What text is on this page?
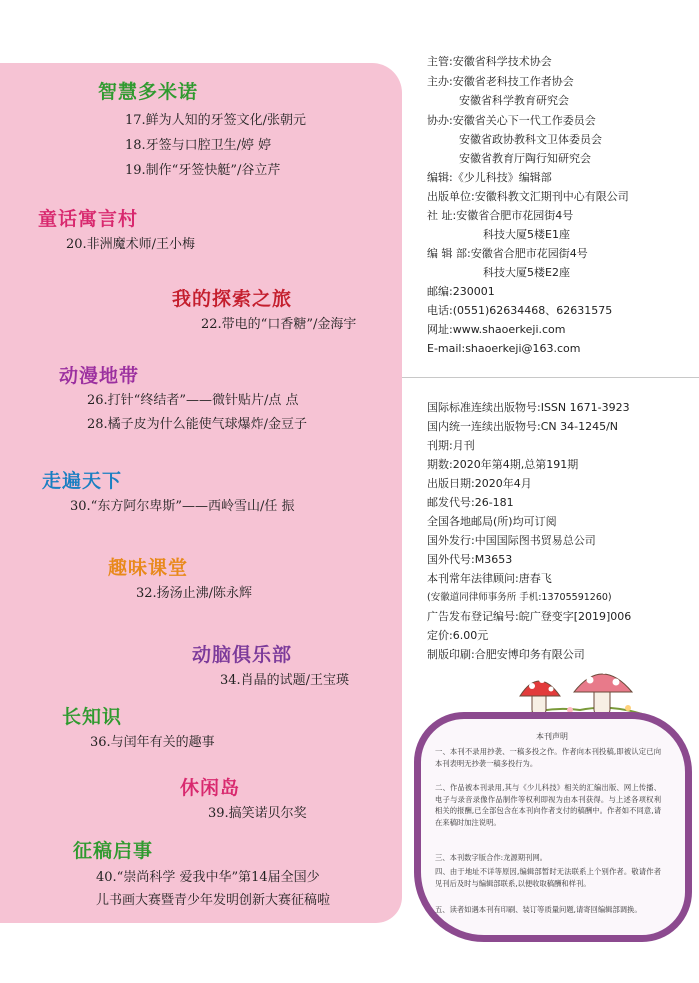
智慧多米诺
17.鲜为人知的牙签文化/张朝元
18.牙签与口腔卫生/婷 婷
19.制作“牙签快艇”/谷立芹
童话寓言村
20.非洲魔术师/王小梅
我的探索之旅
22.带电的“口香糖”/金海宇
动漫地带
26.打针“终结者”——微针贴片/点 点
28.橘子皮为什么能使气球爆炸/金豆子
走遍天下
30.“东方阿尔卑斯”——西岭雪山/任 振
趣味课堂
32.扬汤止沸/陈永辉
动脑俱乐部
34.肖晶的试题/王宝瑛
长知识
36.与闰年有关的趣事
休闲岛
39.搞笑诺贝尔奖
征稿启事
40.“崇尚科学 爱我中华”第14届全国少
儿书画大赛暨青少年发明创新大赛征稿啦
主管:安徽省科学技术协会
主办:安徽省老科技工作者协会
安徽省科学教育研究会
协办:安徽省关心下一代工作委员会
安徽省政协教科文卫体委员会
安徽省教育厅陶行知研究会
编辑:《少儿科技》编辑部
出版单位:安徽科教文汇期刊中心有限公司
社 址:安徽省合肥市花园街4号
科技大厦5楼E1座
编 辑 部:安徽省合肥市花园街4号
科技大厦5楼E2座
邮编:230001
电话:(0551)62634468、62631575
网址:www.shaoerkeji.com
E-mail:shaoerkeji@163.com
国际标准连续出版物号:ISSN 1671-3923
国内统一连续出版物号:CN 34-1245/N
刊期:月刊
期数:2020年第4期,总第191期
出版日期:2020年4月
邮发代号:26-181
全国各地邮局(所)均可订阅
国外发行:中国国际图书贸易总公司
国外代号:M3653
本刊常年法律顾问:唐春飞
(安徽道同律师事务所 手机:13705591260)
广告发布登记编号:皖广登变字[2019]006
定价:6.00元
制版印刷:合肥安博印务有限公司
本刊声明

一、本刊不录用抄袭、一稿多投之作。作者向本刊投稿,即被认定已向本刊表明无抄袭一稿多投行为。

二、作品被本刊录用,其与《少儿科技》相关的汇编出版、网上传播、电子与录音录像作品制作等权利即视为由本刊获得。与上述各项权利相关的报酬,已全部包含在本刊向作者支付的稿酬中。作者如不同意,请在来稿时加注说明。

三、本刊数字版合作:龙源期刊网。

四、由于地址不详等原因,编辑部暂时无法联系上个别作者。敬请作者见刊后及时与编辑部联系,以便收取稿酬和样刊。

五、读者如遇本刊有印刷、装订等质量问题,请寄回编辑部调换。
